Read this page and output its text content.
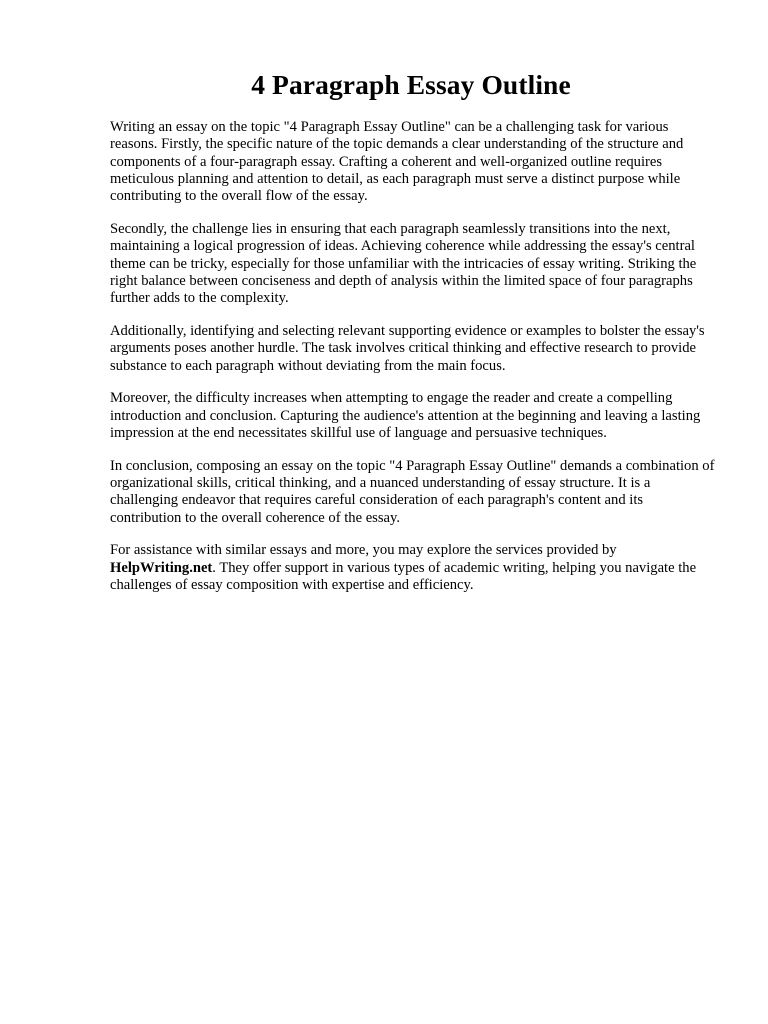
4 Paragraph Essay Outline

Writing an essay on the topic "4 Paragraph Essay Outline" can be a challenging task for various reasons. Firstly, the specific nature of the topic demands a clear understanding of the structure and components of a four-paragraph essay. Crafting a coherent and well-organized outline requires meticulous planning and attention to detail, as each paragraph must serve a distinct purpose while contributing to the overall flow of the essay.

Secondly, the challenge lies in ensuring that each paragraph seamlessly transitions into the next, maintaining a logical progression of ideas. Achieving coherence while addressing the essay's central theme can be tricky, especially for those unfamiliar with the intricacies of essay writing. Striking the right balance between conciseness and depth of analysis within the limited space of four paragraphs further adds to the complexity.

Additionally, identifying and selecting relevant supporting evidence or examples to bolster the essay's arguments poses another hurdle. The task involves critical thinking and effective research to provide substance to each paragraph without deviating from the main focus.

Moreover, the difficulty increases when attempting to engage the reader and create a compelling introduction and conclusion. Capturing the audience's attention at the beginning and leaving a lasting impression at the end necessitates skillful use of language and persuasive techniques.

In conclusion, composing an essay on the topic "4 Paragraph Essay Outline" demands a combination of organizational skills, critical thinking, and a nuanced understanding of essay structure. It is a challenging endeavor that requires careful consideration of each paragraph's content and its contribution to the overall coherence of the essay.

For assistance with similar essays and more, you may explore the services provided by HelpWriting.net. They offer support in various types of academic writing, helping you navigate the challenges of essay composition with expertise and efficiency.
